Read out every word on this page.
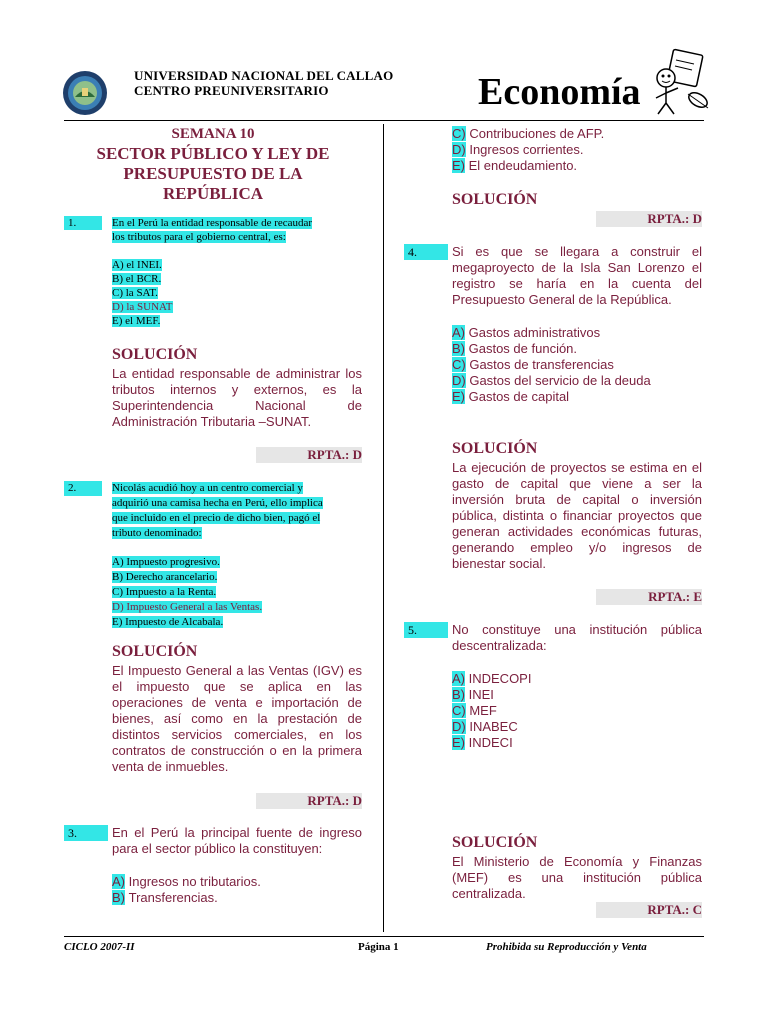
UNIVERSIDAD NACIONAL DEL CALLAO
CENTRO PREUNIVERSITARIO	Economía
SEMANA 10
SECTOR PÚBLICO Y LEY DE
PRESUPUESTO DE LA
REPÚBLICA
1.	En el Perú la entidad responsable de recaudar
los tributos para el gobierno central, es:
A) el INEI.
B) el BCR.
C) la SAT.
D) la SUNAT
E) el MEF.
SOLUCIÓN
La entidad responsable de administrar los tributos internos y externos, es la Superintendencia Nacional de Administración Tributaria –SUNAT.
RPTA.: D
2.	Nicolás acudió hoy a un centro comercial y
adquirió una camisa hecha en Perú, ello implica
que incluido en el precio de dicho bien, pagó el
tributo denominado:
A) Impuesto progresivo.
B) Derecho arancelario.
C) Impuesto a la Renta.
D) Impuesto General a las Ventas.
E) Impuesto de Alcabala.
SOLUCIÓN
El Impuesto General a las Ventas (IGV) es el impuesto que se aplica en las operaciones de venta e importación de bienes, así como en la prestación de distintos servicios comerciales, en los contratos de construcción o en la primera venta de inmuebles.
RPTA.: D
3.	En el Perú la principal fuente de ingreso para el sector público la constituyen:
A) Ingresos no tributarios.
B) Transferencias.
C) Contribuciones de AFP.
D) Ingresos corrientes.
E) El endeudamiento.
SOLUCIÓN
RPTA.: D
4.	Si es que se llegara a construir el megaproyecto de la Isla San Lorenzo el registro se haría en la cuenta del Presupuesto General de la República.
A) Gastos administrativos
B) Gastos de función.
C) Gastos de transferencias
D) Gastos del servicio de la deuda
E) Gastos de capital
SOLUCIÓN
La ejecución de proyectos se estima en el gasto de capital que viene a ser la inversión bruta de capital o inversión pública, distinta o financiar proyectos que generan actividades económicas futuras, generando empleo y/o ingresos de bienestar social.
RPTA.: E
5.	No constituye una institución pública descentralizada:
A) INDECOPI
B) INEI
C) MEF
D) INABEC
E) INDECI
SOLUCIÓN
El Ministerio de Economía y Finanzas (MEF) es una institución pública centralizada.
RPTA.: C
CICLO 2007-II	Página 1	Prohibida su Reproducción y Venta
